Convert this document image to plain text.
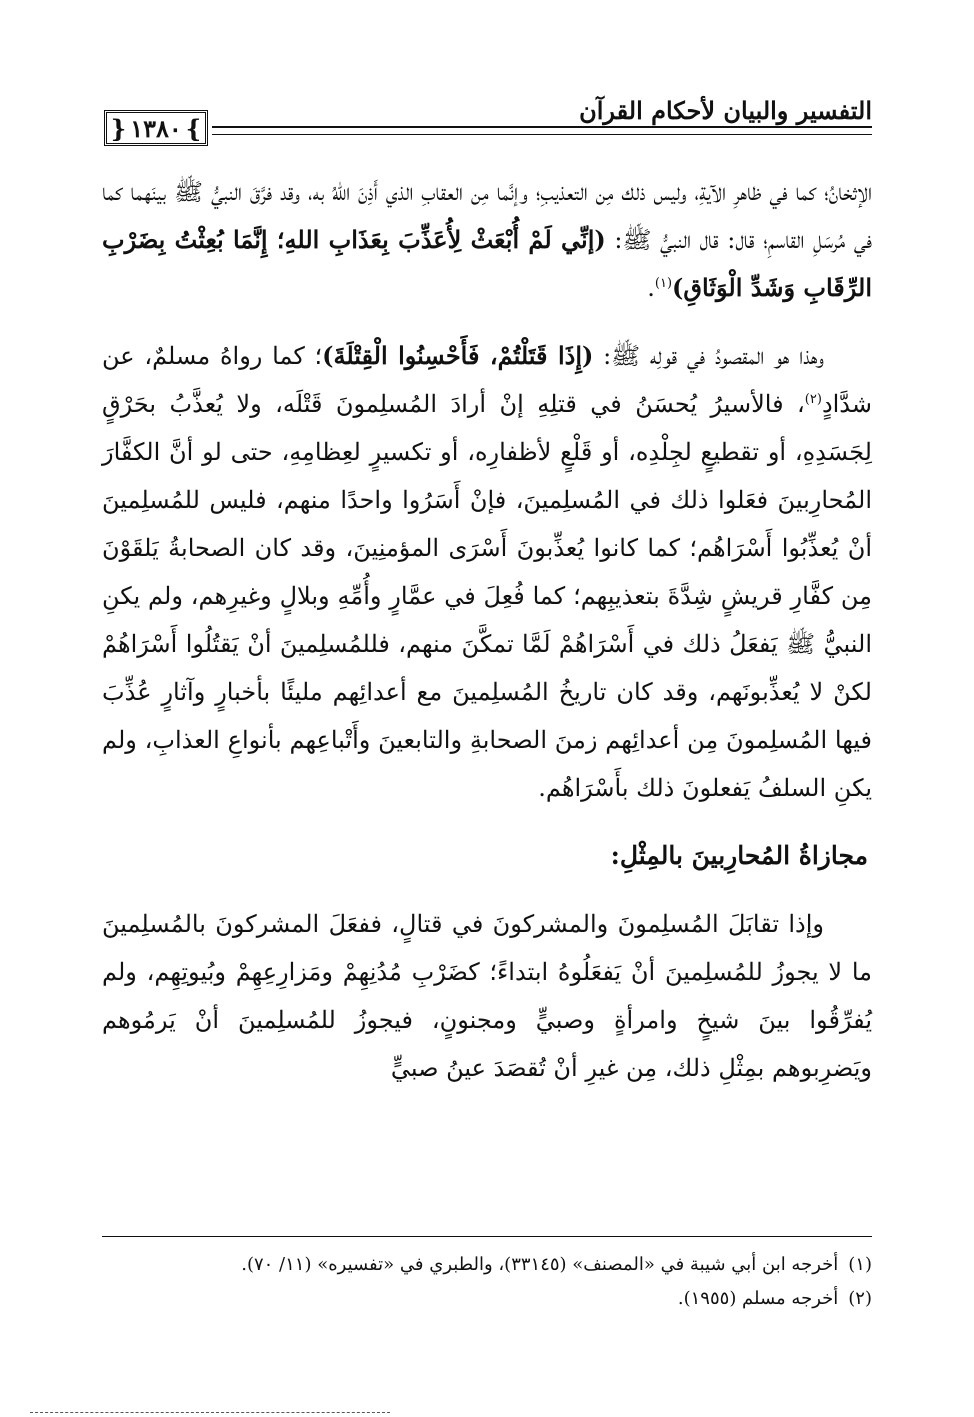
التفسير والبيان لأحكام القرآن
}
١٣٨٠
{

الإثخانُ؛ كما في ظاهرِ الآيةِ، وليس ذلك مِن التعذيبِ؛ وإنَّما مِن العقابِ الذي أَذِنَ اللهُ به، وقد فرَّقَ النبيُّ ﷺ بينَهما كما في مُرسَلِ القاسمِ؛ قال: قال النبيُّ ﷺ: (إنِّي لَمْ أُبْعَثْ لِأُعَذِّبَ بِعَذَابِ اللهِ؛ إِنَّمَا بُعِثْتُ بِضَرْبِ الرِّقَابِ وَشَدِّ الْوَثَاقِ)$^{(١)}$.

وهذا هو المقصودُ في قولِه ﷺ: (إِذَا قَتَلْتُمْ، فَأَحْسِنُوا الْقِتْلَةَ)؛ كما رواهُ مسلمٌ، عن شدَّادٍ$^{(٢)}$، فالأسيرُ يُحسَنُ في قتلِهِ إنْ أرادَ المُسلِمونَ قَتْلَه، ولا يُعذَّبُ بحَرْقٍ لِجَسَدِهِ، أو تقطيعٍ لجِلْدِه، أو قَلْعٍ لأظفارِه، أو تكسيرٍ لعِظامِهِ، حتى لو أنَّ الكفَّارَ المُحارِبينَ فعَلوا ذلك في المُسلِمينَ، فإنْ أَسَرُوا واحدًا منهم، فليس للمُسلِمينَ أنْ يُعذِّبُوا أَسْرَاهُم؛ كما كانوا يُعذِّبونَ أَسْرَى المؤمنِينَ، وقد كان الصحابةُ يَلقَوْنَ مِن كفَّارِ قريشٍ شِدَّةَ بتعذيبِهم؛ كما فُعِلَ في عمَّارٍ وأُمِّهِ وبلالٍ وغيرِهم، ولم يكنِ النبيُّ ﷺ يَفعَلُ ذلك في أَسْرَاهُمْ لَمَّا تمكَّنَ منهم، فللمُسلِمينَ أنْ يَقتُلُوا أَسْرَاهُمْ لكنْ لا يُعذِّبونَهم، وقد كان تاريخُ المُسلِمينَ مع أعدائِهم مليئًا بأخبارٍ وآثارٍ عُذِّبَ فيها المُسلِمونَ مِن أعدائِهم زمنَ الصحابةِ والتابعينَ وأَتْباعِهم بأنواعِ العذابِ، ولم يكنِ السلفُ يَفعلونَ ذلك بأَسْرَاهُم.

مجازاةُ المُحارِبينَ بالمِثْلِ:

وإذا تقابَلَ المُسلِمونَ والمشركونَ في قتالٍ، ففعَلَ المشركونَ بالمُسلِمينَ ما لا يجوزُ للمُسلِمينَ أنْ يَفعَلُوهُ ابتداءً؛ كضَرْبِ مُدُنِهِمْ ومَزارِعِهِمْ وبُيوتِهِم، ولم يُفرِّقُوا بينَ شيخٍ وامرأةٍ وصبيٍّ ومجنونٍ، فيجوزُ للمُسلِمينَ أنْ يَرمُوهم ويَضرِبوهم بمِثْلِ ذلك، مِن غيرِ أنْ تُقصَدَ عينُ صبيٍّ

(١)أخرجه ابن أبي شيبة في «المصنف» (٣٣١٤٥)، والطبري في «تفسيره» (١١/ ٧٠).

(٢)أخرجه مسلم (١٩٥٥).
